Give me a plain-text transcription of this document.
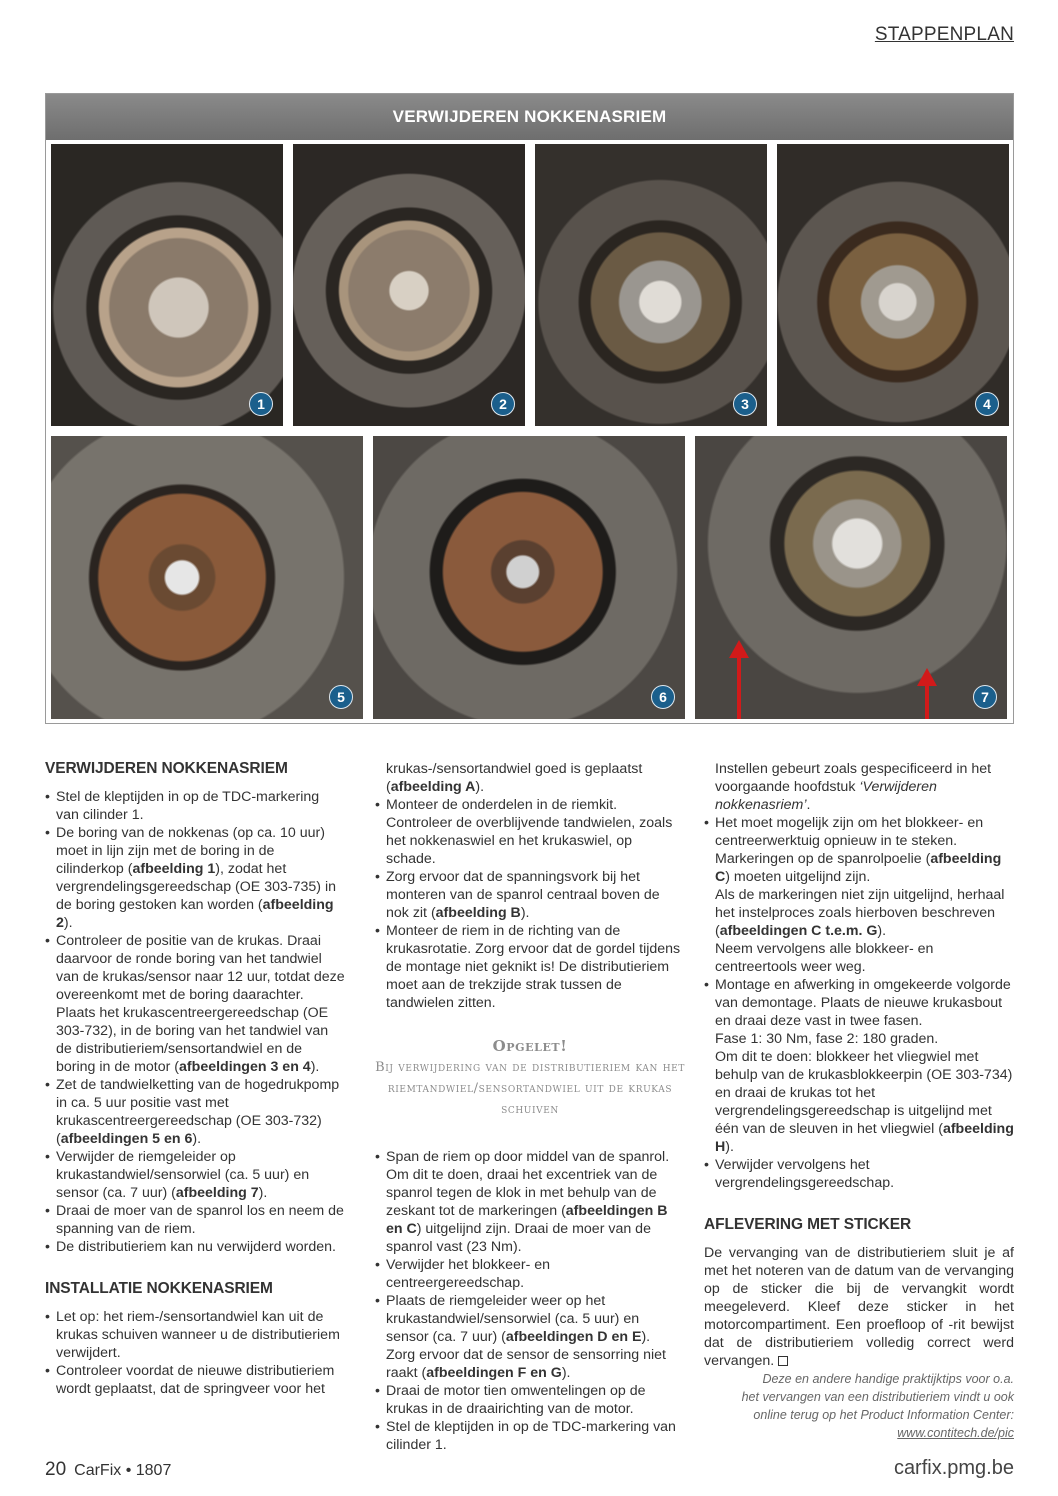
STAPPENPLAN
VERWIJDEREN NOKKENASRIEM
1	2	3	4
5	6	7
VERWIJDEREN NOKKENASRIEM
• Stel de kleptijden in op de TDC-markering van cilinder 1.
• De boring van de nokkenas (op ca. 10 uur) moet in lijn zijn met de boring in de cilinderkop (afbeelding 1), zodat het vergrendelingsgereedschap (OE 303-735) in de boring gestoken kan worden (afbeelding 2).
• Controleer de positie van de krukas. Draai daarvoor de ronde boring van het tandwiel van de krukas/sensor naar 12 uur, totdat deze overeenkomt met de boring daarachter.
Plaats het krukascentreergereedschap (OE 303-732), in de boring van het tandwiel van de distributieriem/sensortandwiel en de boring in de motor (afbeeldingen 3 en 4).
• Zet de tandwielketting van de hogedrukpomp in ca. 5 uur positie vast met krukascentreergereedschap (OE 303-732) (afbeeldingen 5 en 6).
• Verwijder de riemgeleider op krukastandwiel/sensorwiel (ca. 5 uur) en sensor (ca. 7 uur) (afbeelding 7).
• Draai de moer van de spanrol los en neem de spanning van de riem.
• De distributieriem kan nu verwijderd worden.
INSTALLATIE NOKKENASRIEM
• Let op: het riem-/sensortandwiel kan uit de krukas schuiven wanneer u de distributieriem verwijdert.
• Controleer voordat de nieuwe distributieriem wordt geplaatst, dat de springveer voor het
krukas-/sensortandwiel goed is geplaatst (afbeelding A).
• Monteer de onderdelen in de riemkit. Controleer de overblijvende tandwielen, zoals het nokkenaswiel en het krukaswiel, op schade.
• Zorg ervoor dat de spanningsvork bij het monteren van de spanrol centraal boven de nok zit (afbeelding B).
• Monteer de riem in de richting van de krukasrotatie. Zorg ervoor dat de gordel tijdens de montage niet geknikt is! De distributieriem moet aan de trekzijde strak tussen de tandwielen zitten.
Opgelet!
Bij verwijdering van de distributieriem kan het riemtandwiel/sensortandwiel uit de krukas schuiven
• Span de riem op door middel van de spanrol. Om dit te doen, draai het excentriek van de spanrol tegen de klok in met behulp van de zeskant tot de markeringen (afbeeldingen B en C) uitgelijnd zijn. Draai de moer van de spanrol vast (23 Nm).
• Verwijder het blokkeer- en centreergereedschap.
• Plaats de riemgeleider weer op het krukastandwiel/sensorwiel (ca. 5 uur) en sensor (ca. 7 uur) (afbeeldingen D en E).
Zorg ervoor dat de sensor de sensorring niet raakt (afbeeldingen F en G).
• Draai de motor tien omwentelingen op de krukas in de draairichting van de motor.
• Stel de kleptijden in op de TDC-markering van cilinder 1.
Instellen gebeurt zoals gespecificeerd in het voorgaande hoofdstuk ‘Verwijderen nokkenasriem’.
• Het moet mogelijk zijn om het blokkeer- en centreerwerktuig opnieuw in te steken. Markeringen op de spanrolpoelie (afbeelding C) moeten uitgelijnd zijn.
Als de markeringen niet zijn uitgelijnd, herhaal het instelproces zoals hierboven beschreven (afbeeldingen C t.e.m. G).
Neem vervolgens alle blokkeer- en centreertools weer weg.
• Montage en afwerking in omgekeerde volgorde van demontage. Plaats de nieuwe krukasbout en draai deze vast in twee fasen.
Fase 1: 30 Nm, fase 2: 180 graden.
Om dit te doen: blokkeer het vliegwiel met behulp van de krukasblokkeerpin (OE 303-734) en draai de krukas tot het vergrendelingsgereedschap is uitgelijnd met één van de sleuven in het vliegwiel (afbeelding H).
• Verwijder vervolgens het vergrendelingsgereedschap.
AFLEVERING MET STICKER
De vervanging van de distributieriem sluit je af met het noteren van de datum van de vervanging op de sticker die bij de vervangkit wordt meegeleverd. Kleef deze sticker in het motorcompartiment. Een proefloop of -rit bewijst dat de distributieriem volledig correct werd vervangen.
Deze en andere handige praktijktips voor o.a.
het vervangen van een distributieriem vindt u ook
online terug op het Product Information Center:
www.contitech.de/pic
20 CarFix • 1807	carfix.pmg.be
